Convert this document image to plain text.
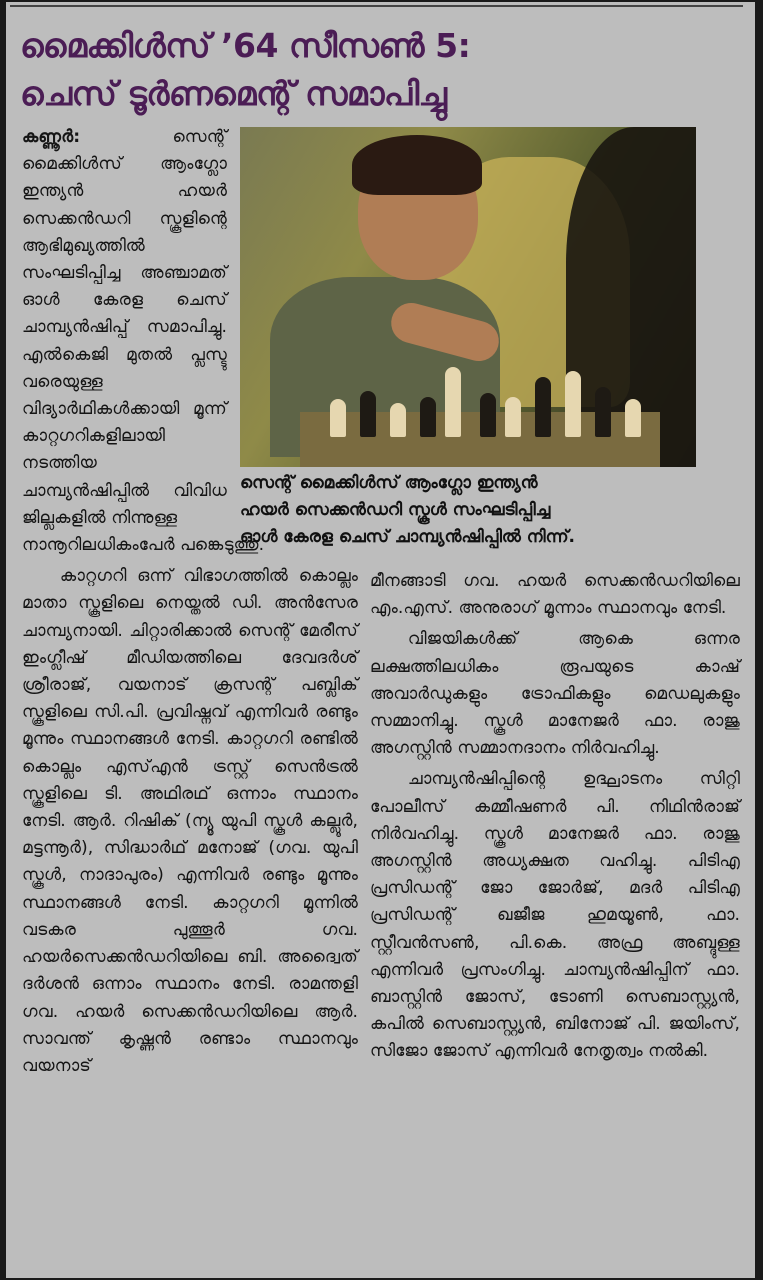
മൈക്കിൾസ് ’64 സീസൺ 5:
ചെസ് ടൂർണമെന്റ് സമാപിച്ചു
സെന്റ് മൈക്കിൾസ് ആംഗ്ലോ ഇന്ത്യൻ
ഹയർ സെക്കൻഡറി സ്കൂൾ സംഘടിപ്പിച്ച
ഓൾ കേരള ചെസ് ചാമ്പ്യൻഷിപ്പിൽ നിന്ന്.

കണ്ണൂർ:	സെന്റ് മൈക്കിൾസ് ആംഗ്ലോ ഇന്ത്യൻ ഹയർ സെക്കൻഡറി സ്കൂളിന്റെ ആഭിമുഖ്യത്തിൽ സംഘടിപ്പിച്ച അഞ്ചാമത് ഓൾ കേരള ചെസ് ചാമ്പ്യൻഷിപ്പ് സമാപിച്ചു. എൽകെജി മുതൽ പ്ലസ്ടു വരെയുള്ള വിദ്യാർഥികൾക്കായി മൂന്ന് കാറ്റഗറികളിലായി നടത്തിയ ചാമ്പ്യൻഷിപ്പിൽ വിവിധ ജില്ലകളിൽ നിന്നുള്ള

നാനൂറിലധികംപേർ പങ്കെടുത്തു.

കാറ്റഗറി ഒന്ന് വിഭാഗത്തിൽ കൊല്ലം മാതാ സ്കൂളിലെ നെയ്തൽ ഡി. അൻസേര ചാമ്പ്യനായി. ചിറ്റാരിക്കാൽ സെന്റ് മേരീസ് ഇംഗ്ലീഷ് മീഡിയത്തിലെ ദേവദർശ് ശ്രീരാജ്, വയനാട് ക്രസന്റ് പബ്ലിക് സ്കൂളിലെ സി.പി. പ്രവിഷ്നവ് എന്നിവർ രണ്ടും മൂന്നും സ്ഥാനങ്ങൾ നേടി. കാറ്റഗറി രണ്ടിൽ കൊല്ലം എസ്എൻ ട്രസ്റ്റ് സെൻട്രൽ സ്കൂളിലെ ടി. അഥിരഥ് ഒന്നാം സ്ഥാനം നേടി. ആർ. റിഷിക് (ന്യൂ യുപി സ്കൂൾ കല്ലൂർ, മട്ടന്നൂർ), സിദ്ധാർഥ് മനോജ് (ഗവ. യുപി സ്കൂൾ, നാദാപുരം) എന്നിവർ രണ്ടും മൂന്നും സ്ഥാനങ്ങൾ നേടി. കാറ്റഗറി മൂന്നിൽ വടകര പുത്തൂർ ഗവ. ഹയർസെക്കൻഡറിയിലെ ബി. അദ്വൈത് ദർശൻ ഒന്നാം സ്ഥാനം നേടി. രാമന്തളി ഗവ. ഹയർ സെക്കൻഡറിയിലെ ആർ. സാവന്ത് കൃഷ്ണൻ രണ്ടാം സ്ഥാനവും വയനാട്

മീനങ്ങാടി ഗവ. ഹയർ സെക്കൻഡറിയിലെ എം.എസ്. അനുരാഗ് മൂന്നാം സ്ഥാനവും നേടി.

വിജയികൾക്ക് ആകെ ഒന്നര ലക്ഷത്തിലധികം രൂപയുടെ കാഷ് അവാർഡുകളും ട്രോഫികളും മെഡലുകളും സമ്മാനിച്ചു. സ്കൂൾ മാനേജർ ഫാ. രാജു അഗസ്റ്റിൻ സമ്മാനദാനം നിർവഹിച്ചു.

ചാമ്പ്യൻഷിപ്പിന്റെ ഉദ്ഘാടനം സിറ്റി പോലീസ് കമ്മീഷണർ പി. നിഥിൻരാജ് നിർവഹിച്ചു. സ്കൂൾ മാനേജർ ഫാ. രാജു അഗസ്റ്റിൻ അധ്യക്ഷത വഹിച്ചു. പിടിഎ പ്രസിഡന്റ് ജോ ജോർജ്, മദർ പിടിഎ പ്രസിഡന്റ് ഖജീജ ഹുമയൂൺ, ഫാ. സ്റ്റീവൻസൺ, പി.കെ. അഫ്ര അബ്ദുള്ള എന്നിവർ പ്രസംഗിച്ചു. ചാമ്പ്യൻഷിപ്പിന് ഫാ. ബാസ്റ്റിൻ ജോസ്, ടോണി സെബാസ്റ്റ്യൻ, കപിൽ സെബാസ്റ്റ്യൻ, ബിനോജ് പി. ജയിംസ്, സിജോ ജോസ് എന്നിവർ നേതൃത്വം നൽകി.
